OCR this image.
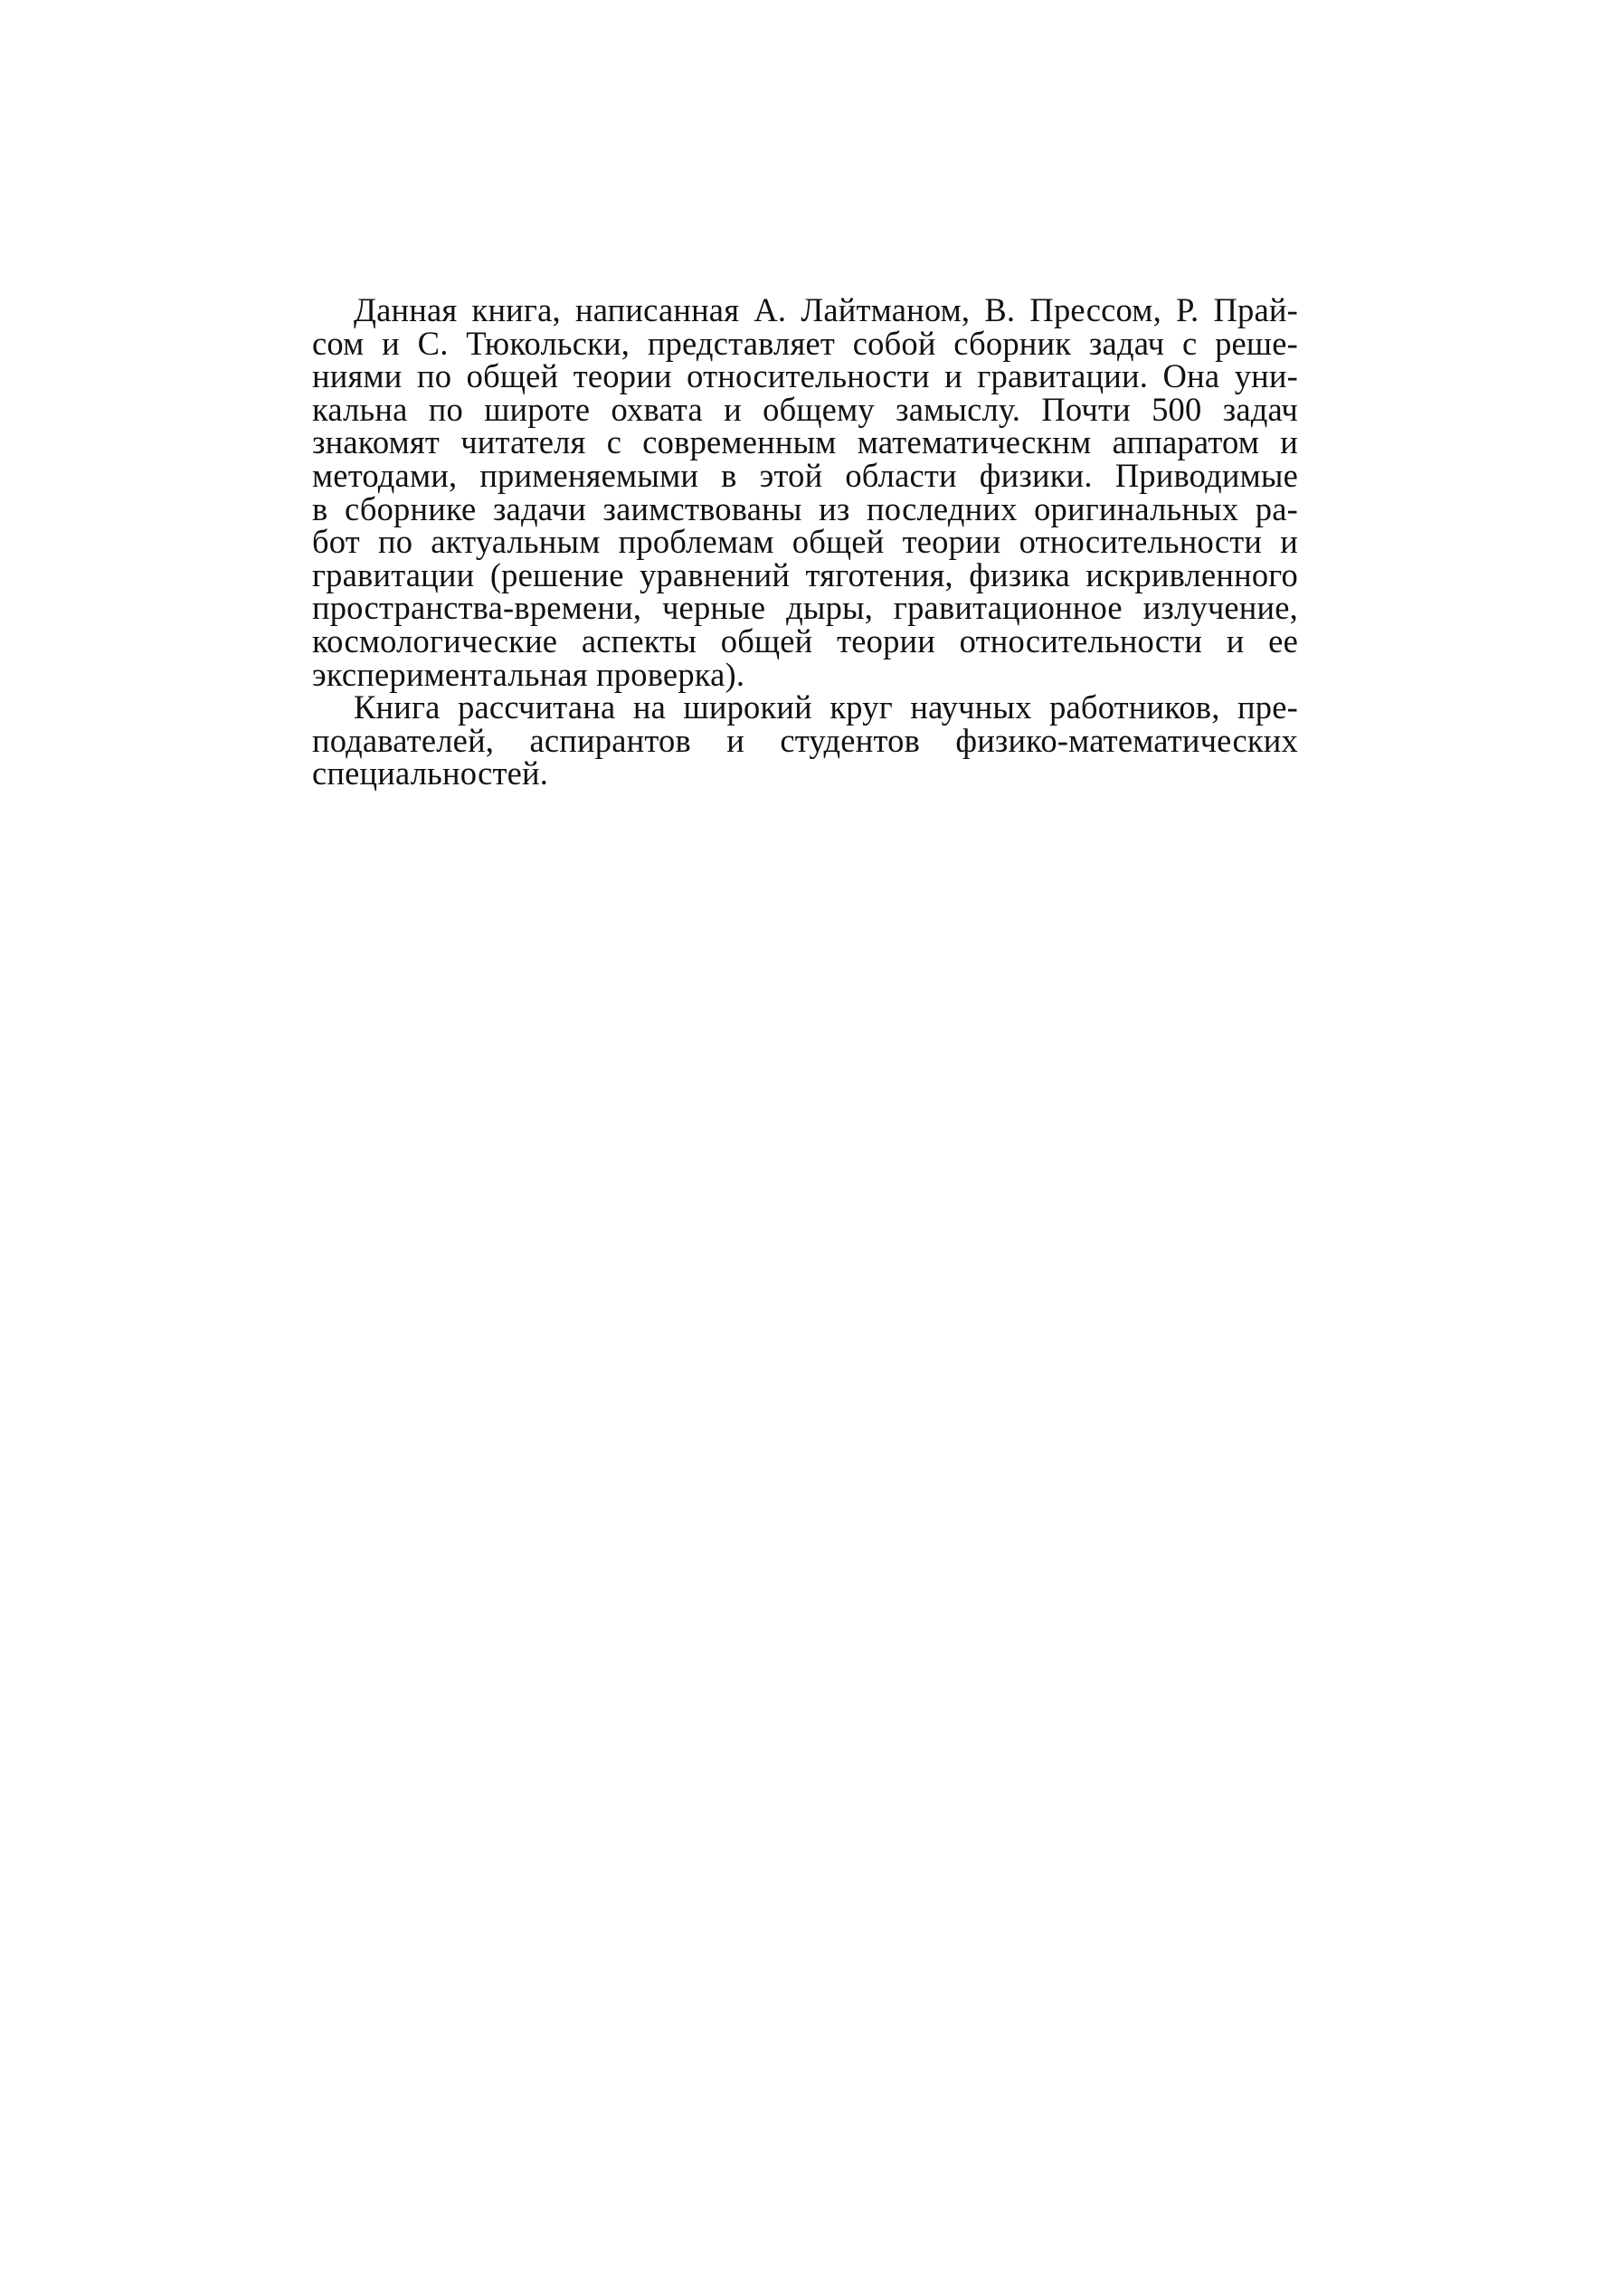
Данная книга, написанная А. Лайтманом, В. Прессом, Р. Прай-
сом и С. Тюкольски, представляет собой сборник задач с реше-
ниями по общей теории относительности и гравитации. Она уни-
кальна по широте охвата и общему замыслу. Почти 500 задач
знакомят читателя с современным математическнм аппаратом и
методами, применяемыми в этой области физики. Приводимые
в сборнике задачи заимствованы из последних оригинальных ра-
бот по актуальным проблемам общей теории относительности и
гравитации (решение уравнений тяготения, физика искривленного
пространства-времени, черные дыры, гравитационное излучение,
космологические аспекты общей теории относительности и ее
экспериментальная проверка).
Книга рассчитана на широкий круг научных работников, пре-
подавателей, аспирантов и студентов физико-математических
специальностей.
